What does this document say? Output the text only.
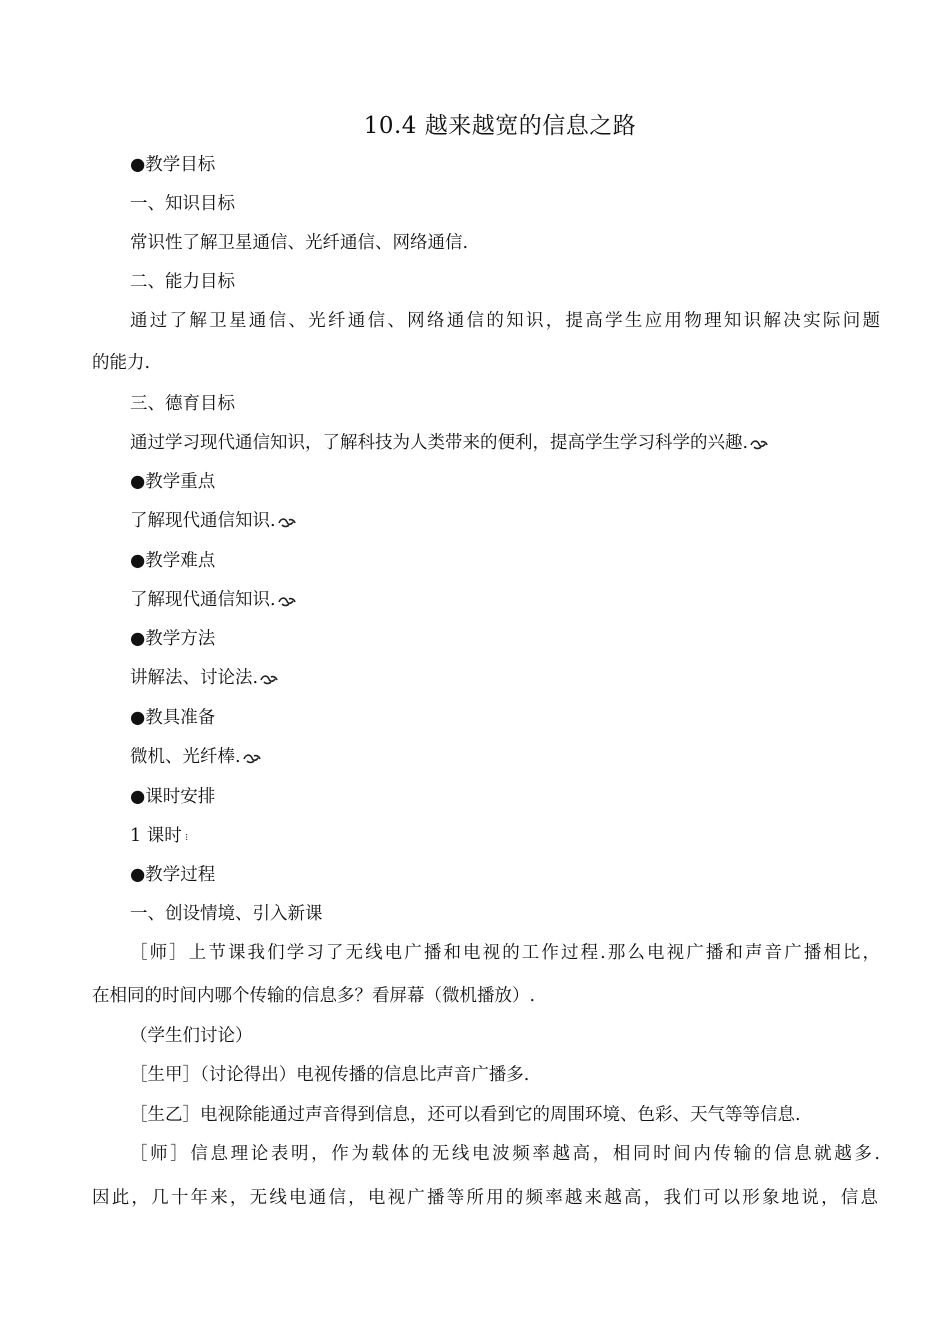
10.4 越来越宽的信息之路
●教学目标
一、知识目标
常识性了解卫星通信、光纤通信、网络通信.
二、能力目标
通过了解卫星通信、光纤通信、网络通信的知识，提高学生应用物理知识解决实际问题
的能力.
三、德育目标
通过学习现代通信知识，了解科技为人类带来的便利，提高学生学习科学的兴趣.
●教学重点
了解现代通信知识.
●教学难点
了解现代通信知识.
●教学方法
讲解法、讨论法.
●教具准备
微机、光纤棒.
●课时安排
1 课时
●教学过程
一、创设情境、引入新课
［师］上节课我们学习了无线电广播和电视的工作过程.那么电视广播和声音广播相比，
在相同的时间内哪个传输的信息多？看屏幕（微机播放）.
（学生们讨论）
［生甲］（讨论得出）电视传播的信息比声音广播多.
［生乙］电视除能通过声音得到信息，还可以看到它的周围环境、色彩、天气等等信息.
［师］信息理论表明，作为载体的无线电波频率越高，相同时间内传输的信息就越多.
因此，几十年来，无线电通信，电视广播等所用的频率越来越高，我们可以形象地说，信息
